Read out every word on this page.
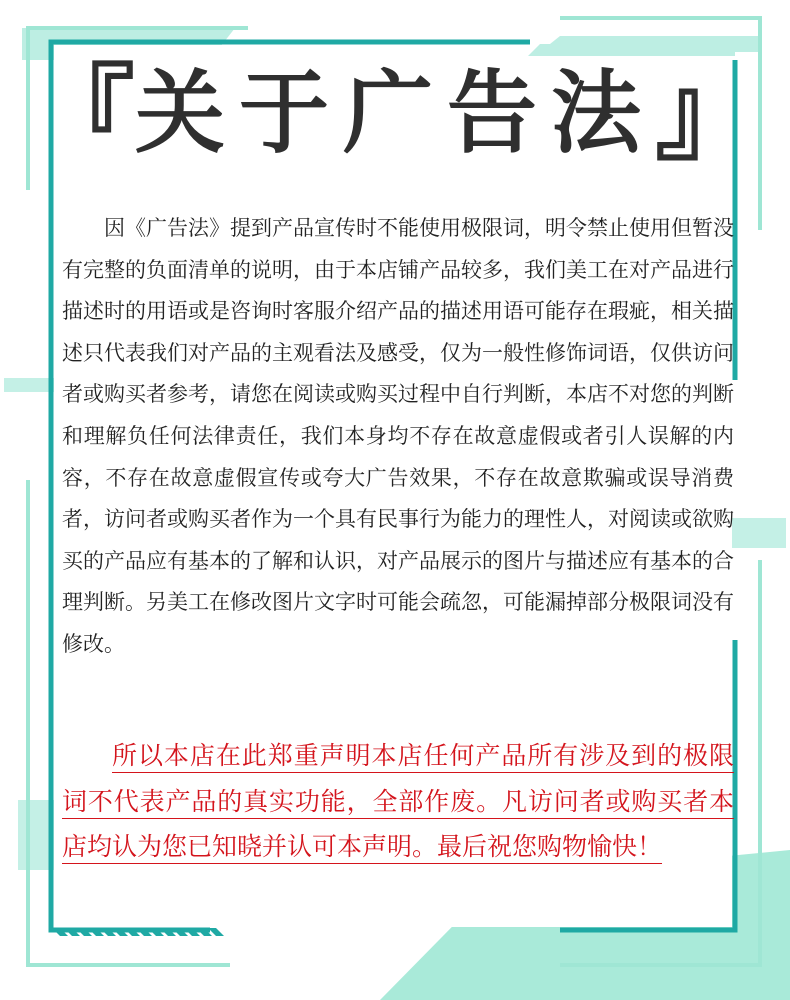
『关于广告法』

因《广告法》提到产品宣传时不能使用极限词，明令禁止使用但暂没有完整的负面清单的说明，由于本店铺产品较多，我们美工在对产品进行描述时的用语或是咨询时客服介绍产品的描述用语可能存在瑕疵，相关描述只代表我们对产品的主观看法及感受，仅为一般性修饰词语，仅供访问者或购买者参考，请您在阅读或购买过程中自行判断，本店不对您的判断和理解负任何法律责任，我们本身均不存在故意虚假或者引人误解的内容，不存在故意虚假宣传或夸大广告效果，不存在故意欺骗或误导消费者，访问者或购买者作为一个具有民事行为能力的理性人，对阅读或欲购买的产品应有基本的了解和认识，对产品展示的图片与描述应有基本的合理判断。另美工在修改图片文字时可能会疏忽，可能漏掉部分极限词没有修改。

所以本店在此郑重声明本店任何产品所有涉及到的极限词不代表产品的真实功能，全部作废。凡访问者或购买者本店均认为您已知晓并认可本声明。最后祝您购物愉快！
